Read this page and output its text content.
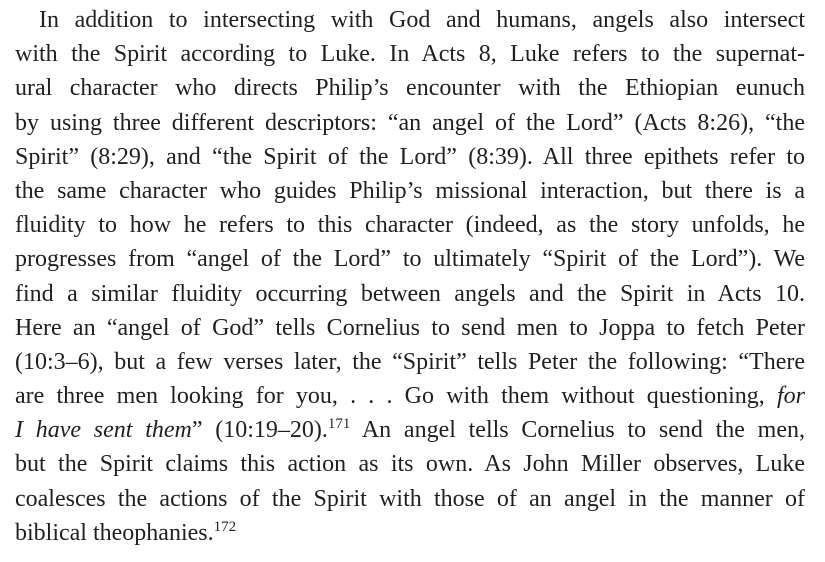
In addition to intersecting with God and humans, angels also intersect
with the Spirit according to Luke. In Acts 8, Luke refers to the supernat-
ural character who directs Philip’s encounter with the Ethiopian eunuch
by using three different descriptors: “an angel of the Lord” (Acts 8:26), “the
Spirit” (8:29), and “the Spirit of the Lord” (8:39). All three epithets refer to
the same character who guides Philip’s missional interaction, but there is a
fluidity to how he refers to this character (indeed, as the story unfolds, he
progresses from “angel of the Lord” to ultimately “Spirit of the Lord”). We
find a similar fluidity occurring between angels and the Spirit in Acts 10.
Here an “angel of God” tells Cornelius to send men to Joppa to fetch Peter
(10:3–6), but a few verses later, the “Spirit” tells Peter the following: “There
are three men looking for you, . . . Go with them without questioning, for
I have sent them” (10:19–20).$^{171}$ An angel tells Cornelius to send the men,
but the Spirit claims this action as its own. As John Miller observes, Luke
coalesces the actions of the Spirit with those of an angel in the manner of
biblical theophanies.$^{172}$
